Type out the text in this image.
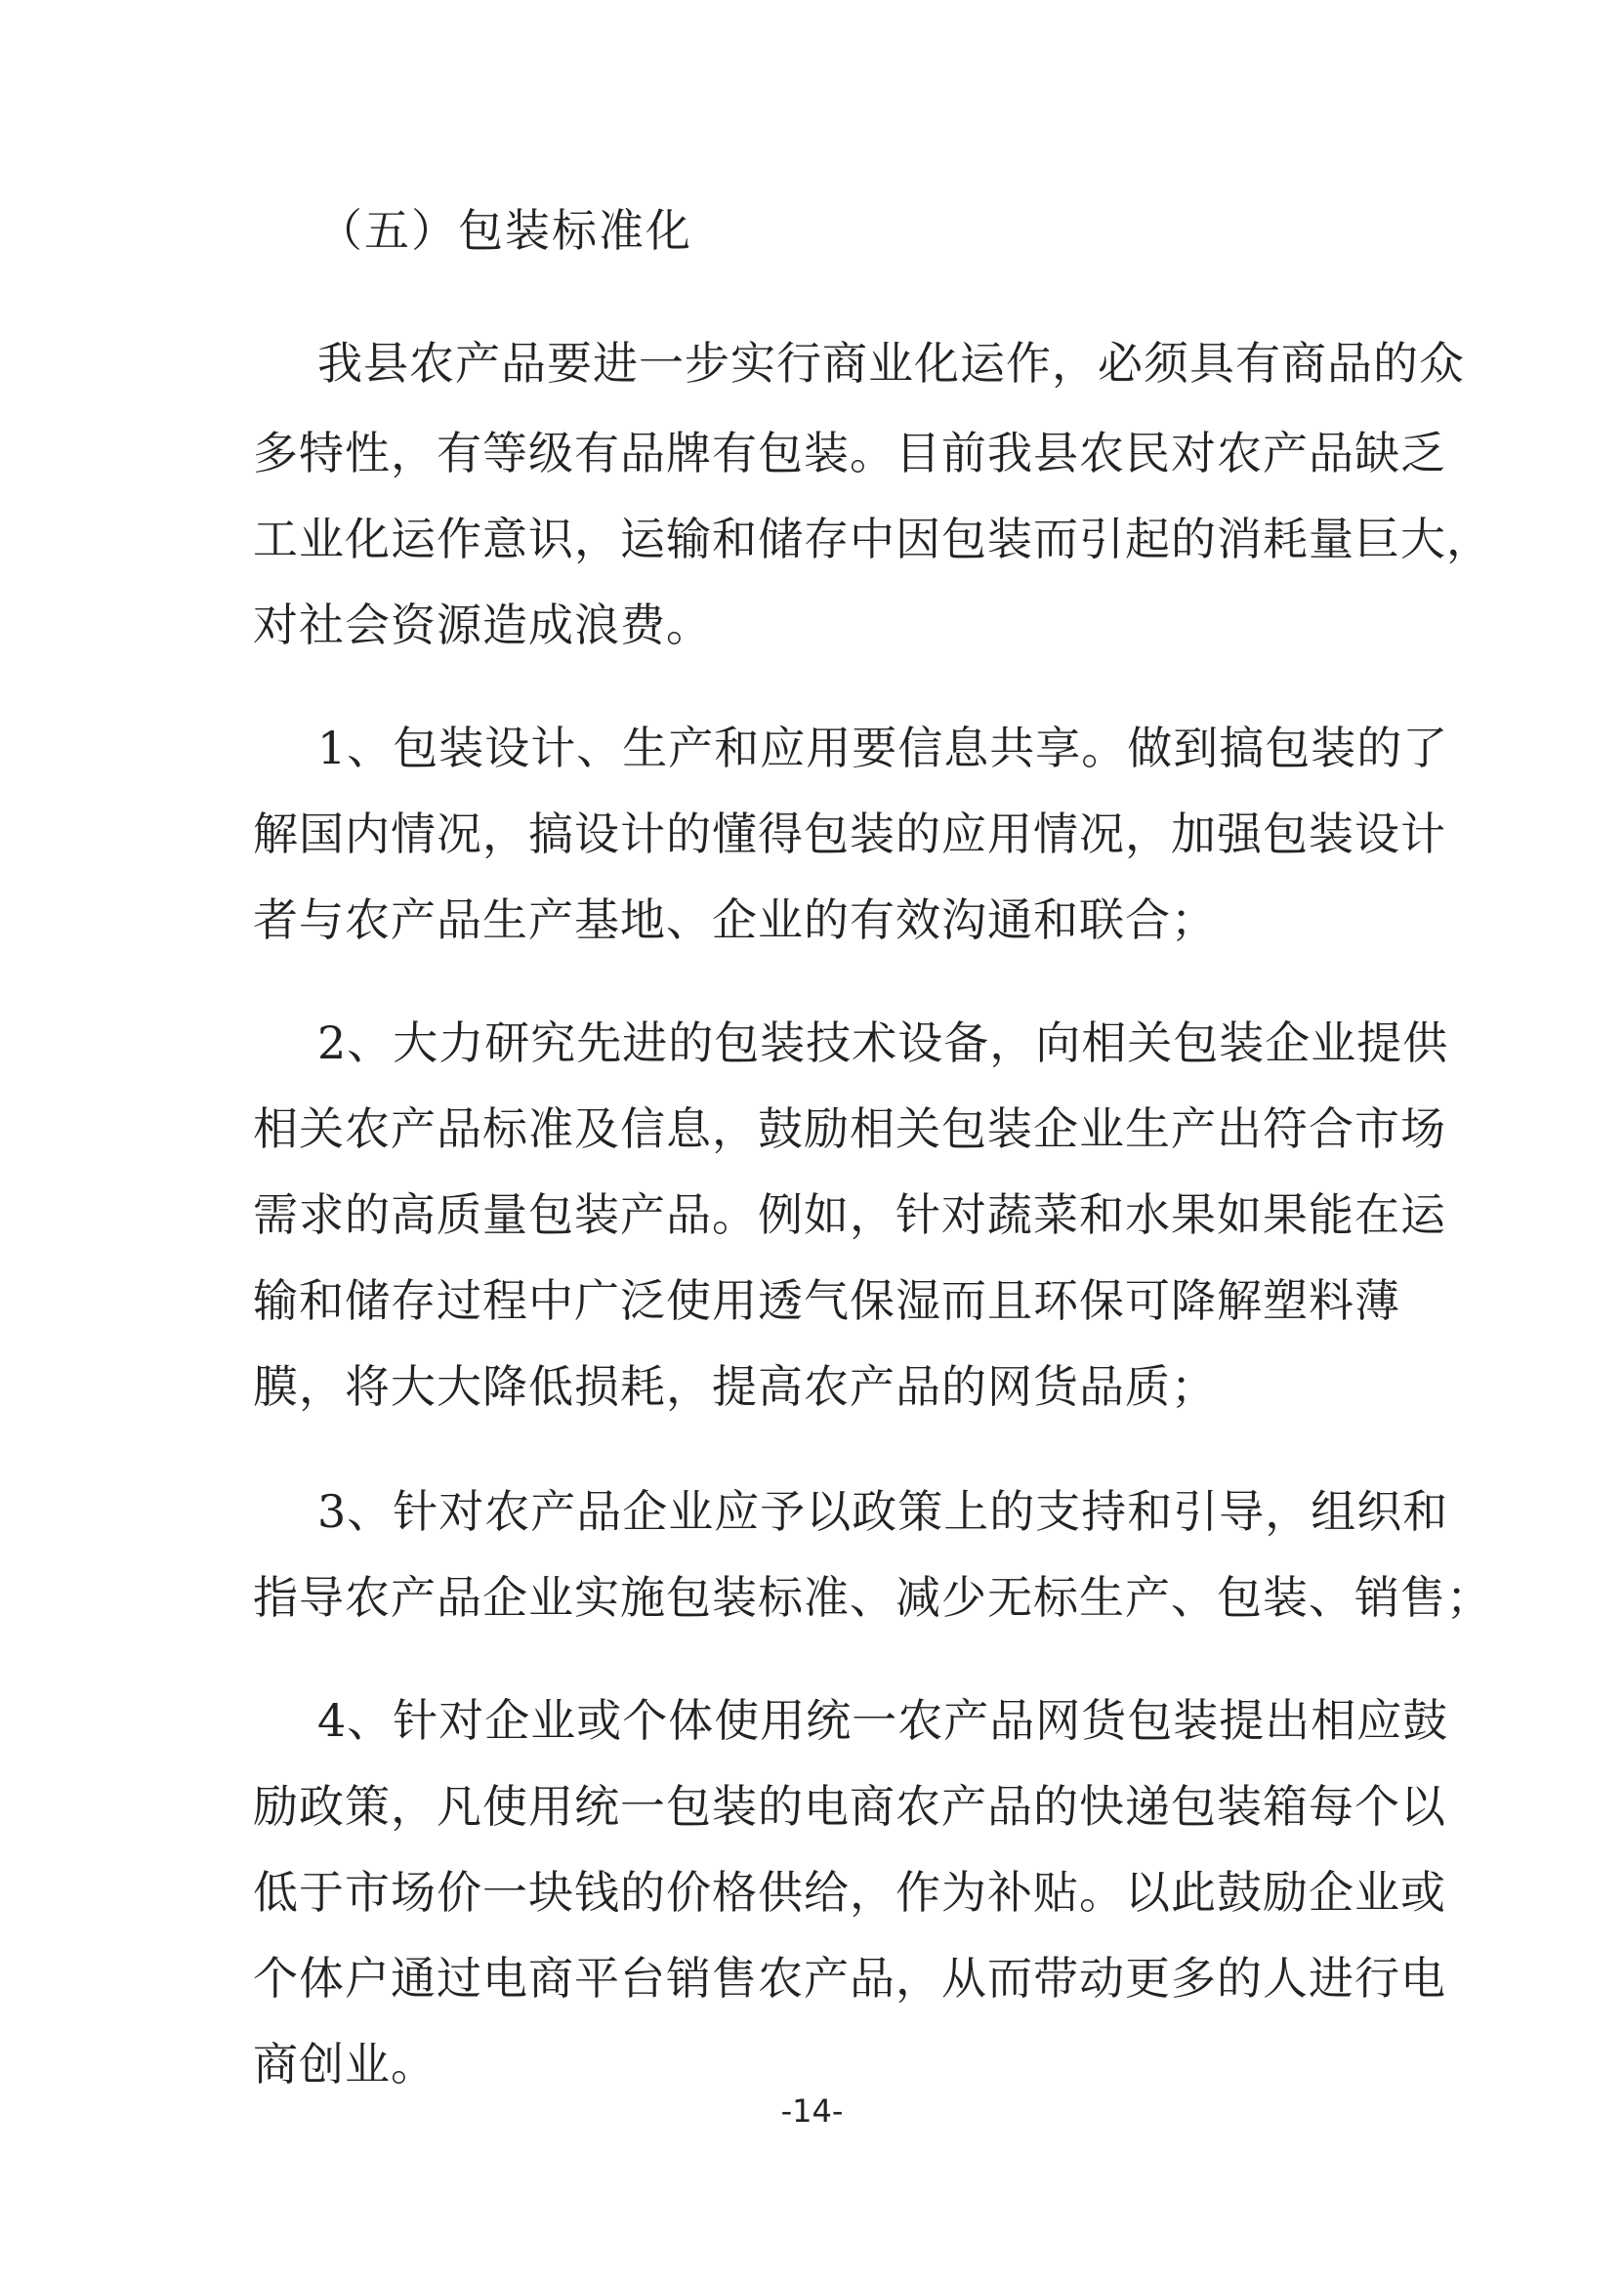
（五）包装标准化
我县农产品要进一步实行商业化运作，必须具有商品的众
多特性，有等级有品牌有包装。目前我县农民对农产品缺乏
工业化运作意识，运输和储存中因包装而引起的消耗量巨大，
对社会资源造成浪费。
1、包装设计、生产和应用要信息共享。做到搞包装的了
解国内情况，搞设计的懂得包装的应用情况，加强包装设计
者与农产品生产基地、企业的有效沟通和联合；
2、大力研究先进的包装技术设备，向相关包装企业提供
相关农产品标准及信息，鼓励相关包装企业生产出符合市场
需求的高质量包装产品。例如，针对蔬菜和水果如果能在运
输和储存过程中广泛使用透气保湿而且环保可降解塑料薄
膜，将大大降低损耗，提高农产品的网货品质；
3、针对农产品企业应予以政策上的支持和引导，组织和
指导农产品企业实施包装标准、减少无标生产、包装、销售；
4、针对企业或个体使用统一农产品网货包装提出相应鼓
励政策，凡使用统一包装的电商农产品的快递包装箱每个以
低于市场价一块钱的价格供给，作为补贴。以此鼓励企业或
个体户通过电商平台销售农产品，从而带动更多的人进行电
商创业。
-14-
